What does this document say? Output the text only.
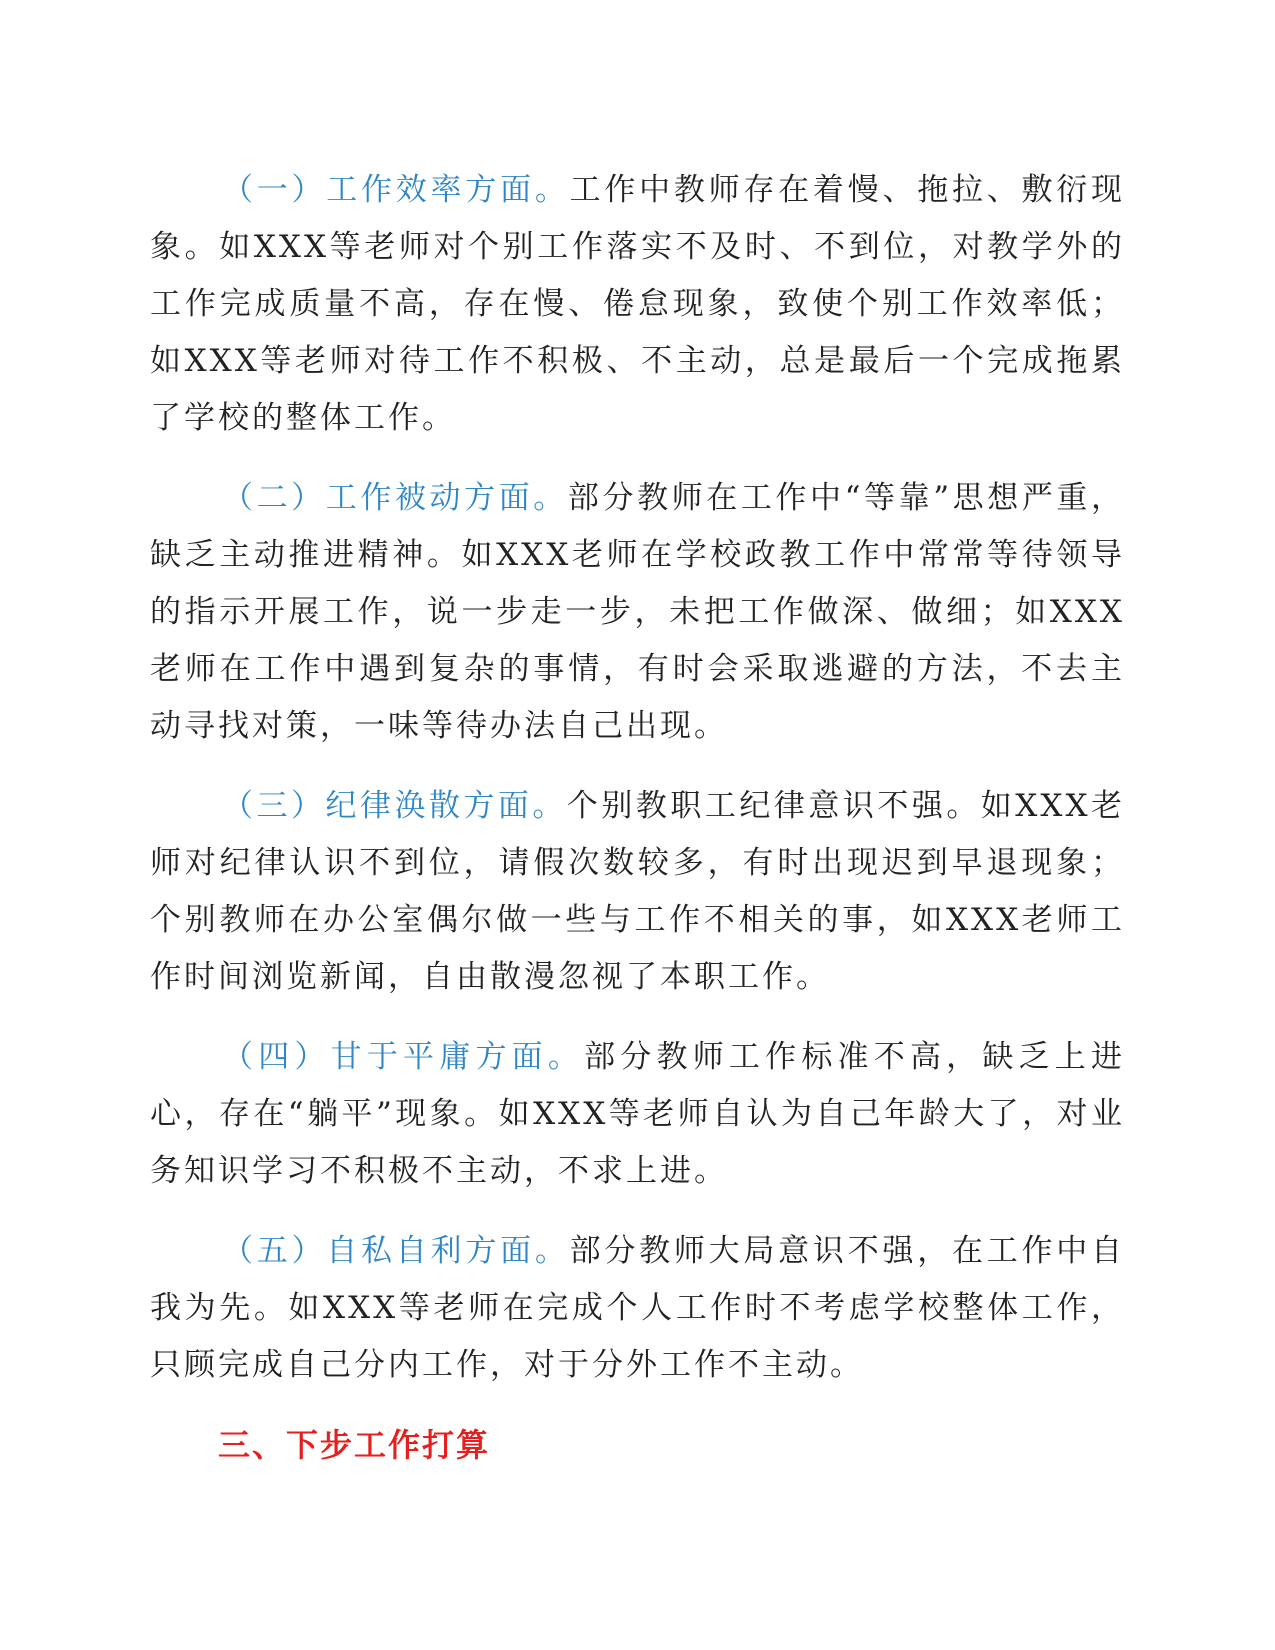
（一）工作效率方面。工作中教师存在着慢、拖拉、敷衍现象。如XXX等老师对个别工作落实不及时、不到位，对教学外的工作完成质量不高，存在慢、倦怠现象，致使个别工作效率低；如XXX等老师对待工作不积极、不主动，总是最后一个完成拖累了学校的整体工作。

（二）工作被动方面。部分教师在工作中“等靠”思想严重，缺乏主动推进精神。如XXX老师在学校政教工作中常常等待领导的指示开展工作，说一步走一步，未把工作做深、做细；如XXX老师在工作中遇到复杂的事情，有时会采取逃避的方法，不去主动寻找对策，一味等待办法自己出现。

（三）纪律涣散方面。个别教职工纪律意识不强。如XXX老师对纪律认识不到位，请假次数较多，有时出现迟到早退现象；个别教师在办公室偶尔做一些与工作不相关的事，如XXX老师工作时间浏览新闻，自由散漫忽视了本职工作。

（四）甘于平庸方面。部分教师工作标准不高，缺乏上进心，存在“躺平”现象。如XXX等老师自认为自己年龄大了，对业务知识学习不积极不主动，不求上进。

（五）自私自利方面。部分教师大局意识不强，在工作中自我为先。如XXX等老师在完成个人工作时不考虑学校整体工作，只顾完成自己分内工作，对于分外工作不主动。

三、下步工作打算
